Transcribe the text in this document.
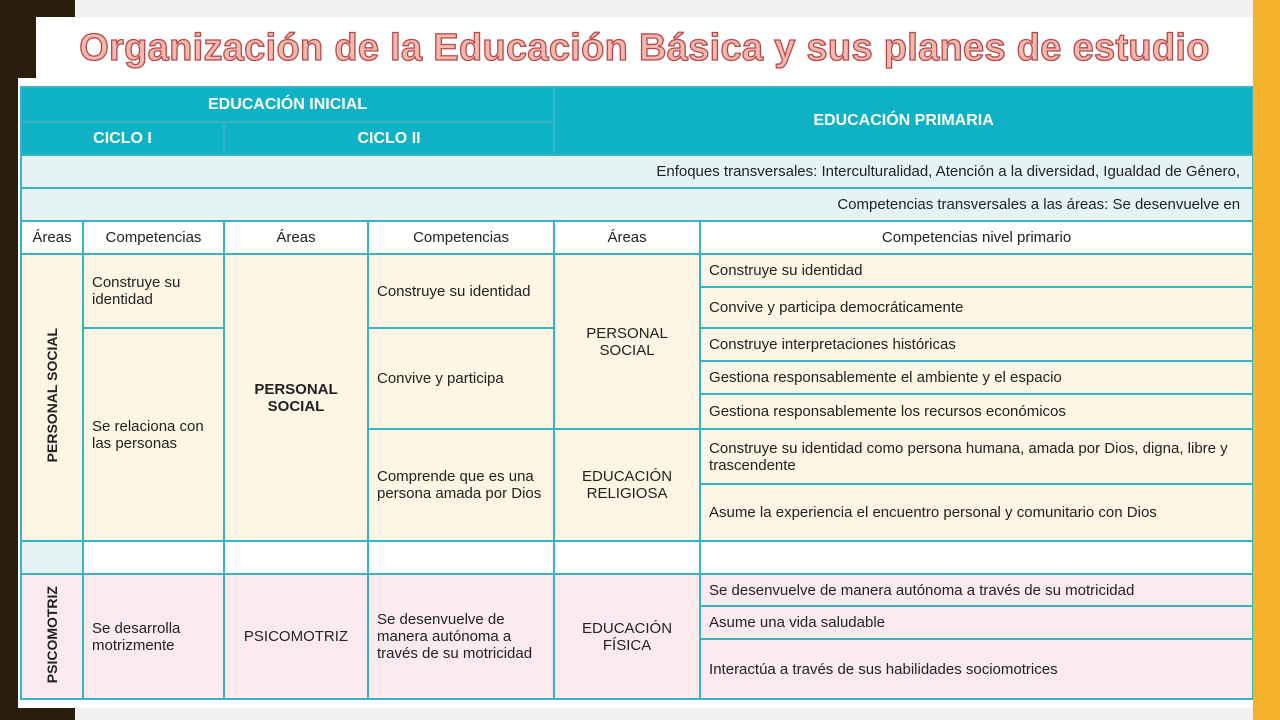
Organización de la Educación Básica y sus planes de estudio
EDUCACIÓN INICIAL				EDUCACIÓN PRIMARIA	
CICLO I		CICLO II			
Enfoques transversales: Interculturalidad, Atención a la diversidad, Igualdad de Género,					
Competencias transversales a las áreas: Se desenvuelve en					
Áreas	Competencias	Áreas	Competencias	Áreas	Competencias nivel primario
PERSONAL SOCIAL	Construye su identidad	PERSONAL SOCIAL	Construye su identidad	PERSONAL SOCIAL	Construye su identidad
					Convive y participa democráticamente
	Se relaciona con las personas		Convive y participa		Construye interpretaciones históricas
					Gestiona responsablemente el ambiente y el espacio
					Gestiona responsablemente los recursos económicos
			Comprende que es una persona amada por Dios	EDUCACIÓN RELIGIOSA	Construye su identidad como persona humana, amada por Dios, digna, libre y trascendente
					Asume la experiencia el encuentro personal y comunitario con Dios

PSICOMOTRIZ	Se desarrolla motrizmente	PSICOMOTRIZ	Se desenvuelve de manera autónoma a través de su motricidad	EDUCACIÓN FÍSICA	Se desenvuelve de manera autónoma a través de su motricidad
					Asume una vida saludable
					Interactúa a través de sus habilidades sociomotrices
